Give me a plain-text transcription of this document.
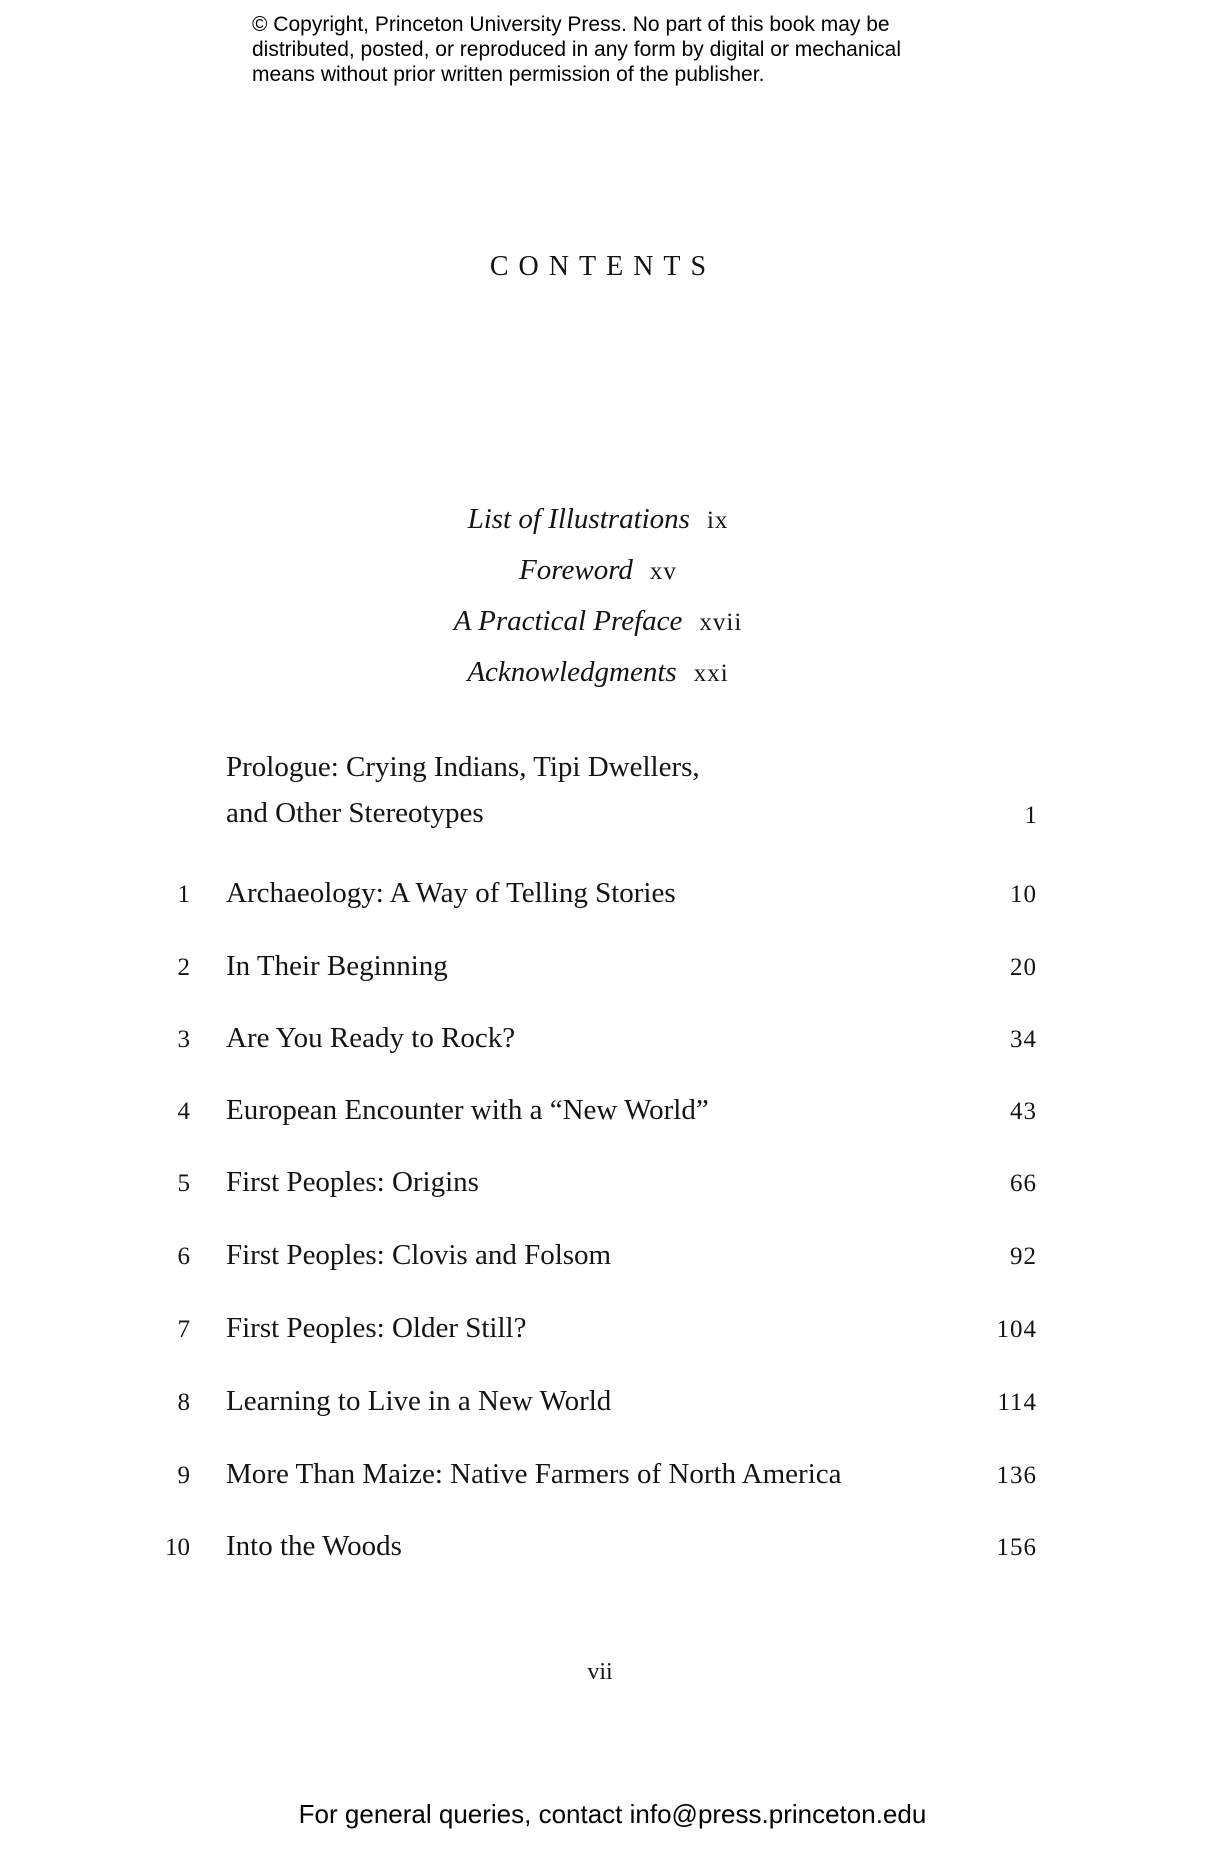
© Copyright, Princeton University Press. No part of this book may be
distributed, posted, or reproduced in any form by digital or mechanical
means without prior written permission of the publisher.
CONTENTS
List of Illustrations ix
Foreword xv
A Practical Preface xvii
Acknowledgments xxi
Prologue: Crying Indians, Tipi Dwellers,
and Other Stereotypes	1
1 Archaeology: A Way of Telling Stories	10
2 In Their Beginning	20
3 Are You Ready to Rock?	34
4 European Encounter with a “New World”	43
5 First Peoples: Origins	66
6 First Peoples: Clovis and Folsom	92
7 First Peoples: Older Still?	104
8 Learning to Live in a New World	114
9 More Than Maize: Native Farmers of North America	136
10 Into the Woods	156
vii
For general queries, contact info@press.princeton.edu
